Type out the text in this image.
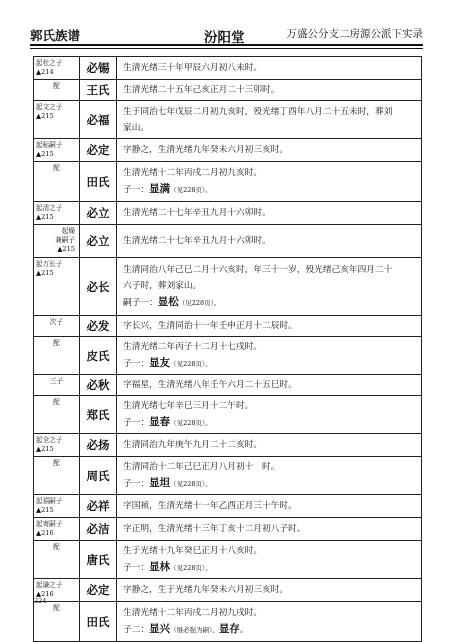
郭氏族谱	汾阳堂	万盛公分支二房源公派下实录
起杜之子
▲214	必锡	生清光绪三十年甲辰六月初八未时。

配	王氏	生清光绪二十五年己亥正月二十三卯时。

起文之子
▲215	必福	生于同治七年戊辰二月初九亥时，殁光绪丁酉年八月二十五未时，葬刘
家山。

起标嗣子
▲215	必定	字静之，生清光绪九年癸未六月初三亥时。

配	田氏	生清光绪十二年丙戌二月初九亥时。
子一：显满（见228页）。

起清之子
▲215	必立	生清光绪二十七年辛丑九月十六卯时。

起燥
兼嗣子
▲215	必立	生清光绪二十七年辛丑九月十六卯时。

起万长子
▲215	必长	生清同治八年己巳二月十六亥时，年三十一岁，殁光绪己亥年四月二十
六子时，葬刘家山。
嗣子一：显松（见228页）。

次子	必发	字长兴，生清同治十一年壬申正月十二辰时。

配	皮氏	生清光绪二年丙子十二月十七戌时。
子一：显友（见228页）。

三子	必秋	字福星，生清光绪八年壬午六月二十五巳时。

配	郑氏	生清光绪七年辛巳三月十二午时。
子一：显春（见228页）。

起全之子
▲215	必扬	生清同治九年庚午九月二十二亥时。

配	周氏	生清同治十二年己巳正月八月初十　时。
子一：显坦（见228页）。

起禧嗣子
▲215	必祥	字国祯，生清光绪十一年乙酉正月三十午时。

起寄嗣子
▲216	必洁	字正明，生清光绪十三年丁亥十二月初八子时。

配	唐氏	生于光绪十九年癸巳正月十八亥时。
子一：显林（见228页）。

起谦之子
▲216	必定	字静之，生于光绪九年癸未六月初三亥时。

配	田氏	生清光绪十二年丙戌二月初九戌时。
子二：显兴（继必强为嗣）、显存。
224
